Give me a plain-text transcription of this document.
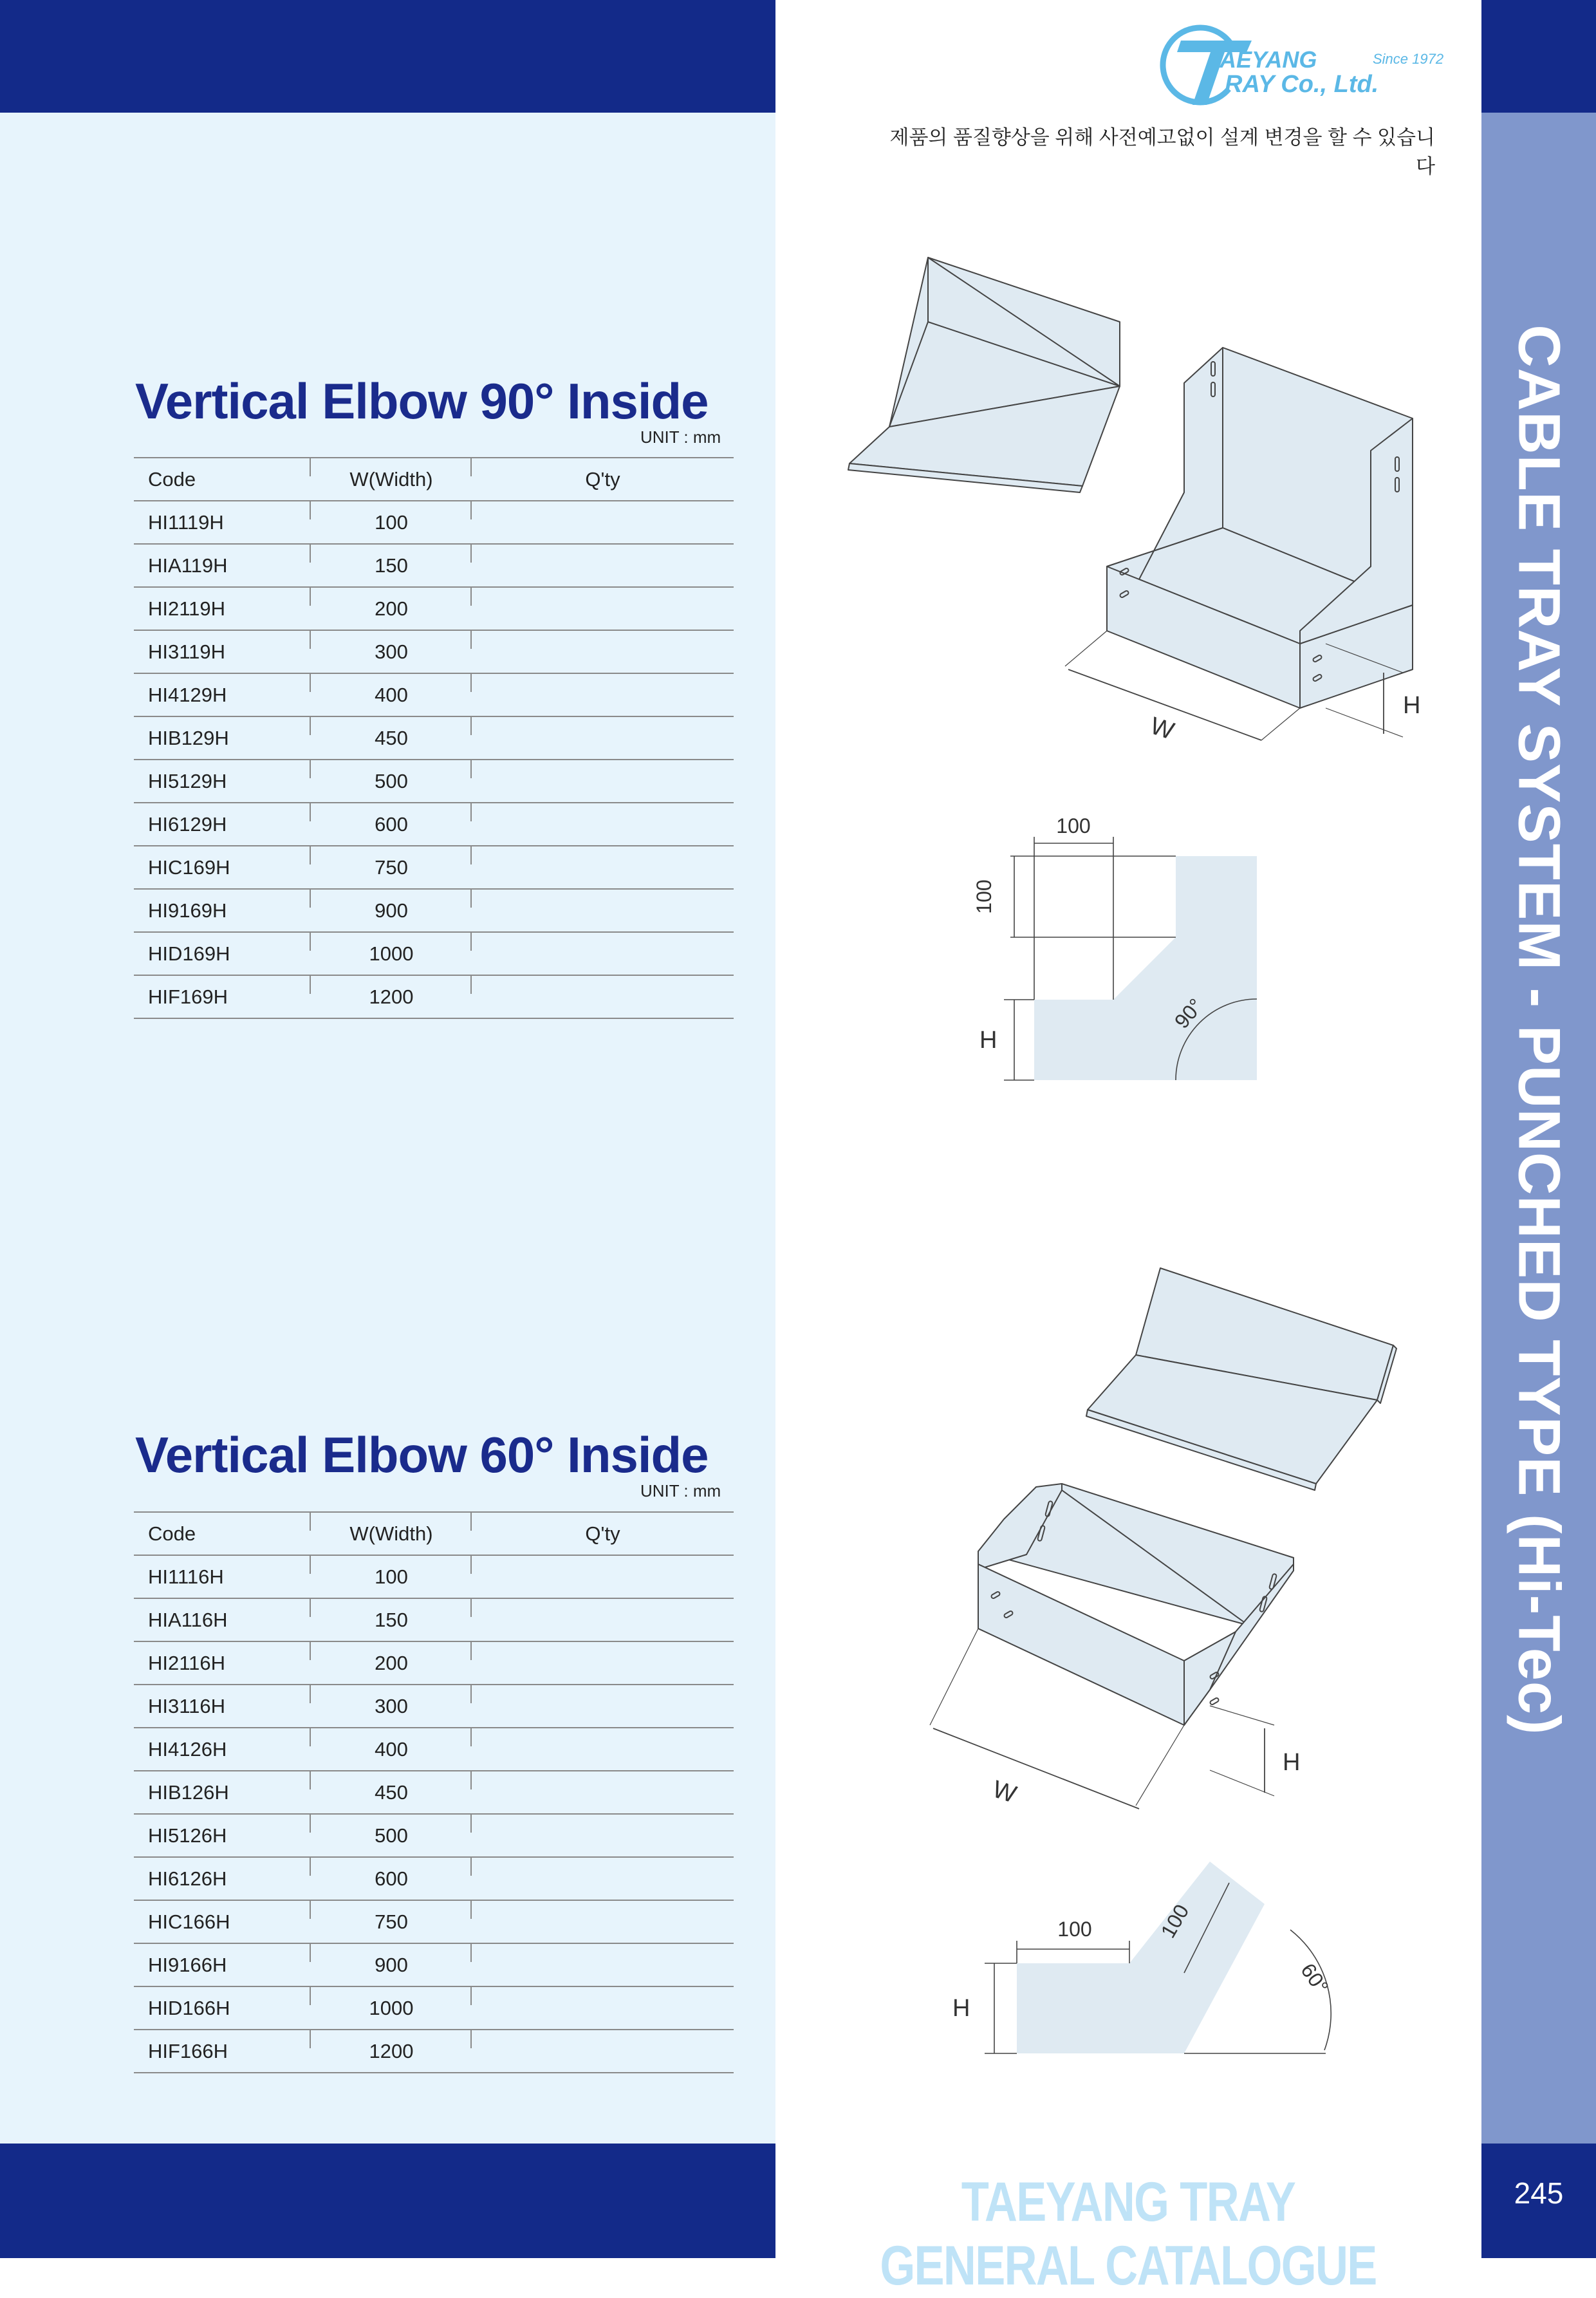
AEYANG
RAY Co., Ltd.
Since 1972
제품의 품질향상을 위해 사전예고없이 설계 변경을 할 수 있습니다
CABLE TRAY SYSTEM - PUNCHED TYPE (Hi-Tec)
Vertical Elbow 90° Inside
UNIT : mm
Code	W(Width)	Q'ty
HI1119H	100	
HIA119H	150	
HI2119H	200	
HI3119H	300	
HI4129H	400	
HIB129H	450	
HI5129H	500	
HI6129H	600	
HIC169H	750	
HI9169H	900	
HID169H	1000	
HIF169H	1200	
Vertical Elbow 60° Inside
UNIT : mm
Code	W(Width)	Q'ty
HI1116H	100	
HIA116H	150	
HI2116H	200	
HI3116H	300	
HI4126H	400	
HIB126H	450	
HI5126H	500	
HI6126H	600	
HIC166H	750	
HI9166H	900	
HID166H	1000	
HIF166H	1200	
W
H
100
100
H
90°
W
H
100	100
H
60°
TAEYANG TRAY GENERAL CATALOGUE
245
